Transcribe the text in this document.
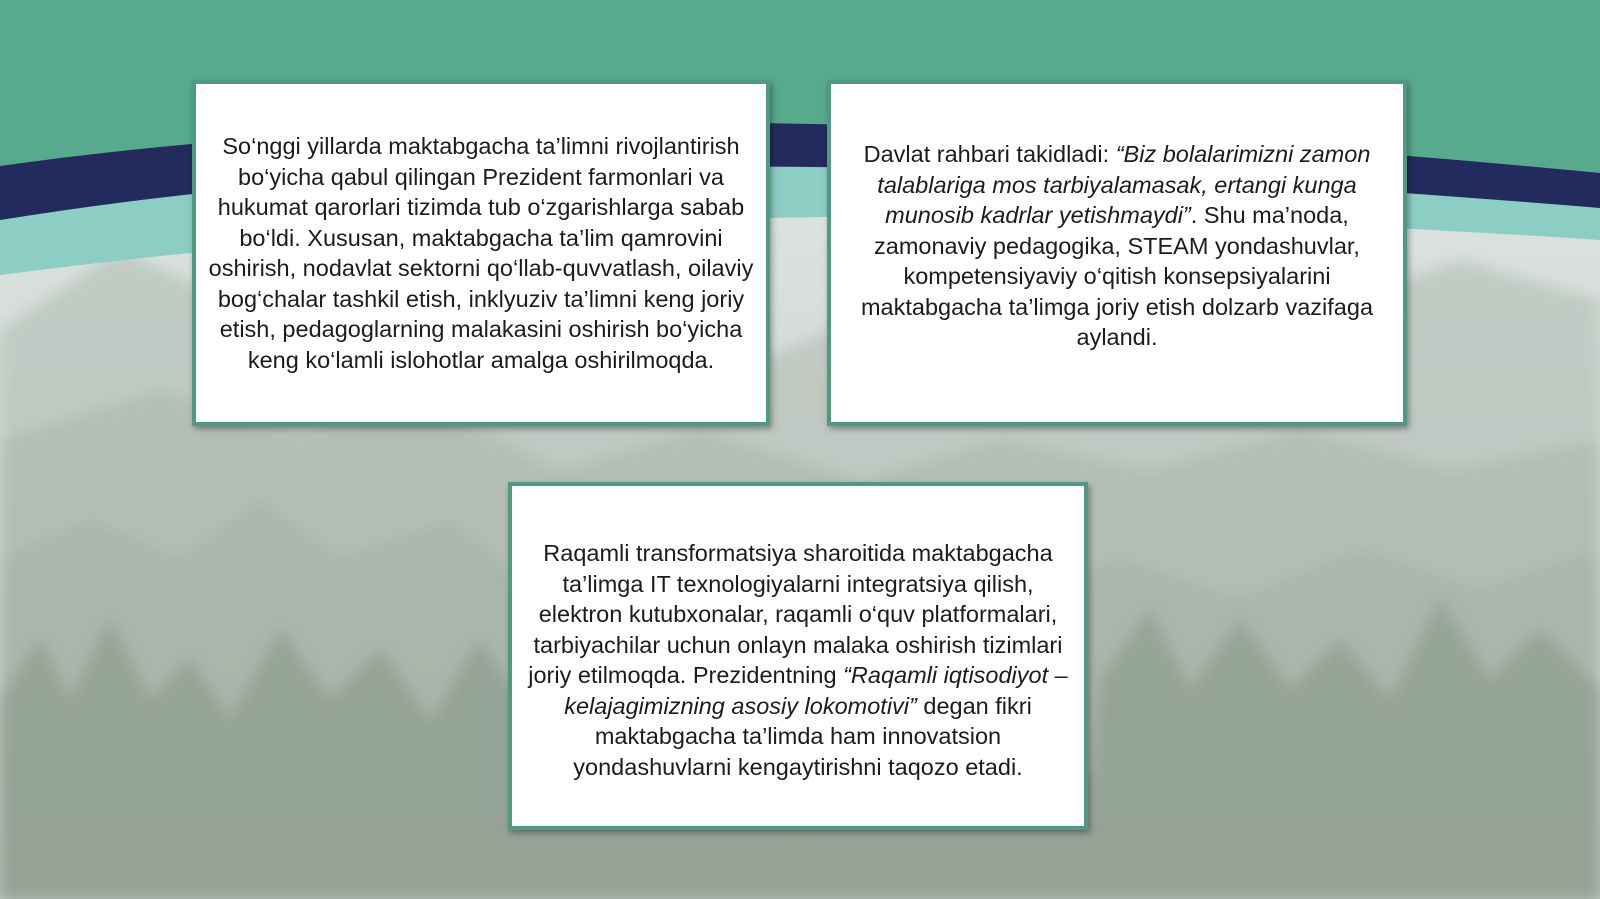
So‘nggi yillarda maktabgacha ta’limni rivojlantirish bo‘yicha qabul qilingan Prezident farmonlari va hukumat qarorlari tizimda tub o‘zgarishlarga sabab bo‘ldi. Xususan, maktabgacha ta’lim qamrovini oshirish, nodavlat sektorni qo‘llab-quvvatlash, oilaviy bog‘chalar tashkil etish, inklyuziv ta’limni keng joriy etish, pedagoglarning malakasini oshirish bo‘yicha keng ko‘lamli islohotlar amalga oshirilmoqda.

Davlat rahbari takidladi: “Biz bolalarimizni zamon talablariga mos tarbiyalamasak, ertangi kunga munosib kadrlar yetishmaydi”. Shu ma’noda, zamonaviy pedagogika, STEAM yondashuvlar, kompetensiyaviy o‘qitish konsepsiyalarini maktabgacha ta’limga joriy etish dolzarb vazifaga aylandi.

Raqamli transformatsiya sharoitida maktabgacha ta’limga IT texnologiyalarni integratsiya qilish, elektron kutubxonalar, raqamli o‘quv platformalari, tarbiyachilar uchun onlayn malaka oshirish tizimlari joriy etilmoqda. Prezidentning “Raqamli iqtisodiyot – kelajagimizning asosiy lokomotivi” degan fikri maktabgacha ta’limda ham innovatsion yondashuvlarni kengaytirishni taqozo etadi.
